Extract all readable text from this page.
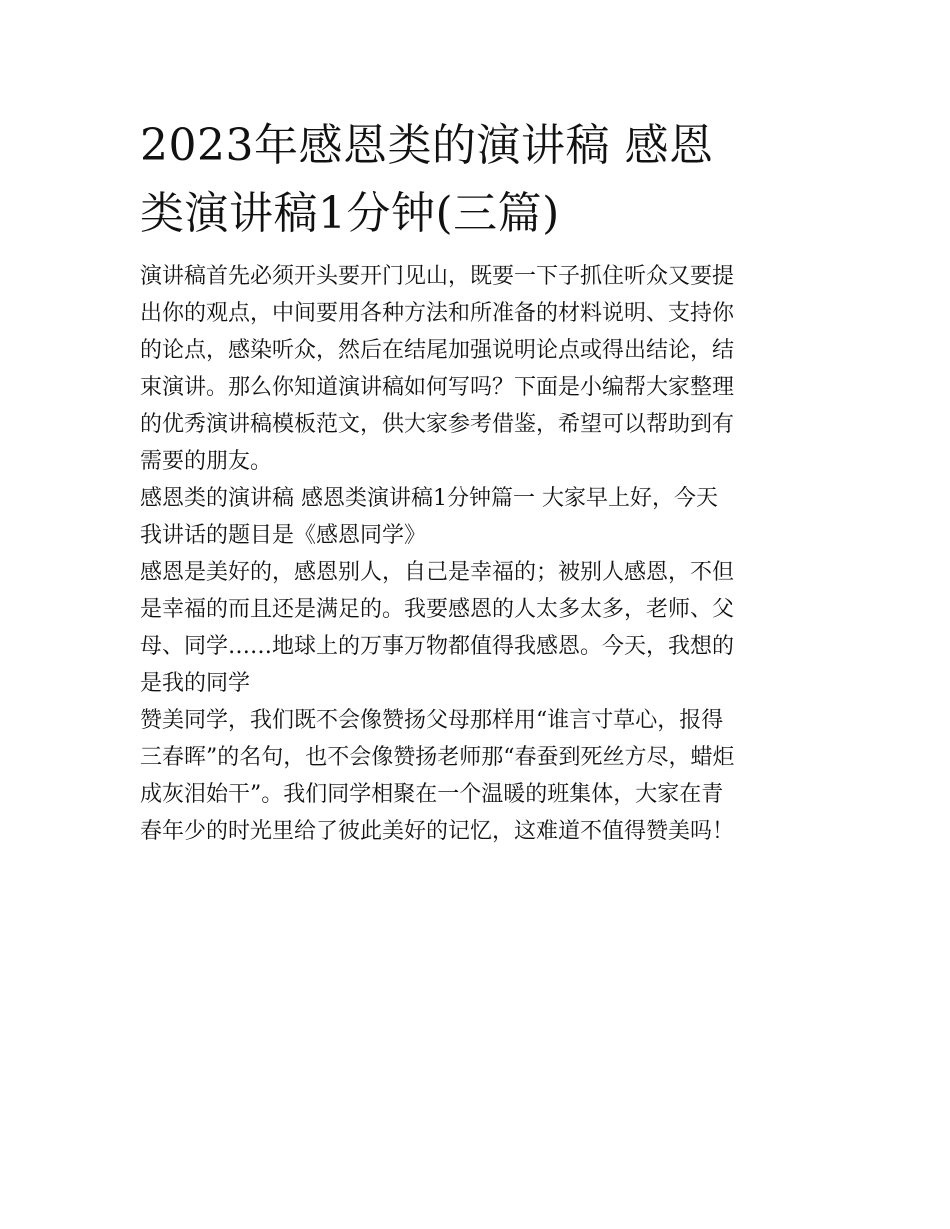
2023年感恩类的演讲稿 感恩
类演讲稿1分钟(三篇)

演讲稿首先必须开头要开门见山，既要一下子抓住听众又要提
出你的观点，中间要用各种方法和所准备的材料说明、支持你
的论点，感染听众，然后在结尾加强说明论点或得出结论，结
束演讲。那么你知道演讲稿如何写吗？下面是小编帮大家整理
的优秀演讲稿模板范文，供大家参考借鉴，希望可以帮助到有
需要的朋友。

感恩类的演讲稿 感恩类演讲稿1分钟篇一 大家早上好，今天
我讲话的题目是《感恩同学》

感恩是美好的，感恩别人，自己是幸福的；被别人感恩，不但
是幸福的而且还是满足的。我要感恩的人太多太多，老师、父
母、同学……地球上的万事万物都值得我感恩。今天，我想的
是我的同学

赞美同学，我们既不会像赞扬父母那样用“谁言寸草心，报得
三春晖”的名句，也不会像赞扬老师那“春蚕到死丝方尽，蜡炬
成灰泪始干”。我们同学相聚在一个温暖的班集体，大家在青
春年少的时光里给了彼此美好的记忆，这难道不值得赞美吗！
